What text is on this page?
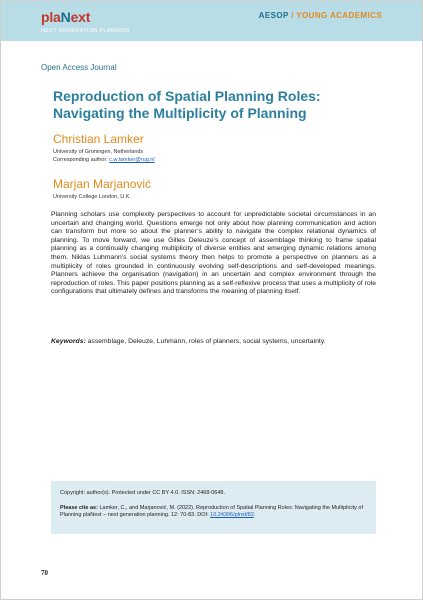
plaNext
NEXT GENERATION PLANNING
AESOP / YOUNG ACADEMICS
Open Access Journal
Reproduction of Spatial Planning Roles:
Navigating the Multiplicity of Planning
Christian Lamker
University of Groningen, Netherlands
Corresponding author: c.w.lamker@rug.nl
Marjan Marjanović
University College London, U.K.
Planning scholars use complexity perspectives to account for unpredictable societal circumstances in an uncertain and changing world. Questions emerge not only about how planning communication and action can transform but more so about the planner’s ability to navigate the complex relational dynamics of planning. To move forward, we use Gilles Deleuze’s concept of assemblage thinking to frame spatial planning as a continually changing multiplicity of diverse entities and emerging dynamic relations among them. Niklas Luhmann’s social systems theory then helps to promote a perspective on planners as a multiplicity of roles grounded in continuously evolving self-descriptions and self-developed meanings. Planners achieve the organisation (navigation) in an uncertain and complex environment through the reproduction of roles. This paper positions planning as a self-reflexive process that uses a multiplicity of role configurations that ultimately defines and transforms the meaning of planning itself.
Keywords: assemblage, Deleuze, Luhmann, roles of planners, social systems, uncertainty.
Copyright: author(s). Protected under CC BY 4.0. ISSN: 2468-0648.
Please cite as: Lamker, C., and Marjanović, M. (2022). Reproduction of Spatial Planning Roles: Navigating the Multiplicity of Planning plaNext – next generation planning. 12: 70-83. DOI: 10.24306/plnxt/82.
70
